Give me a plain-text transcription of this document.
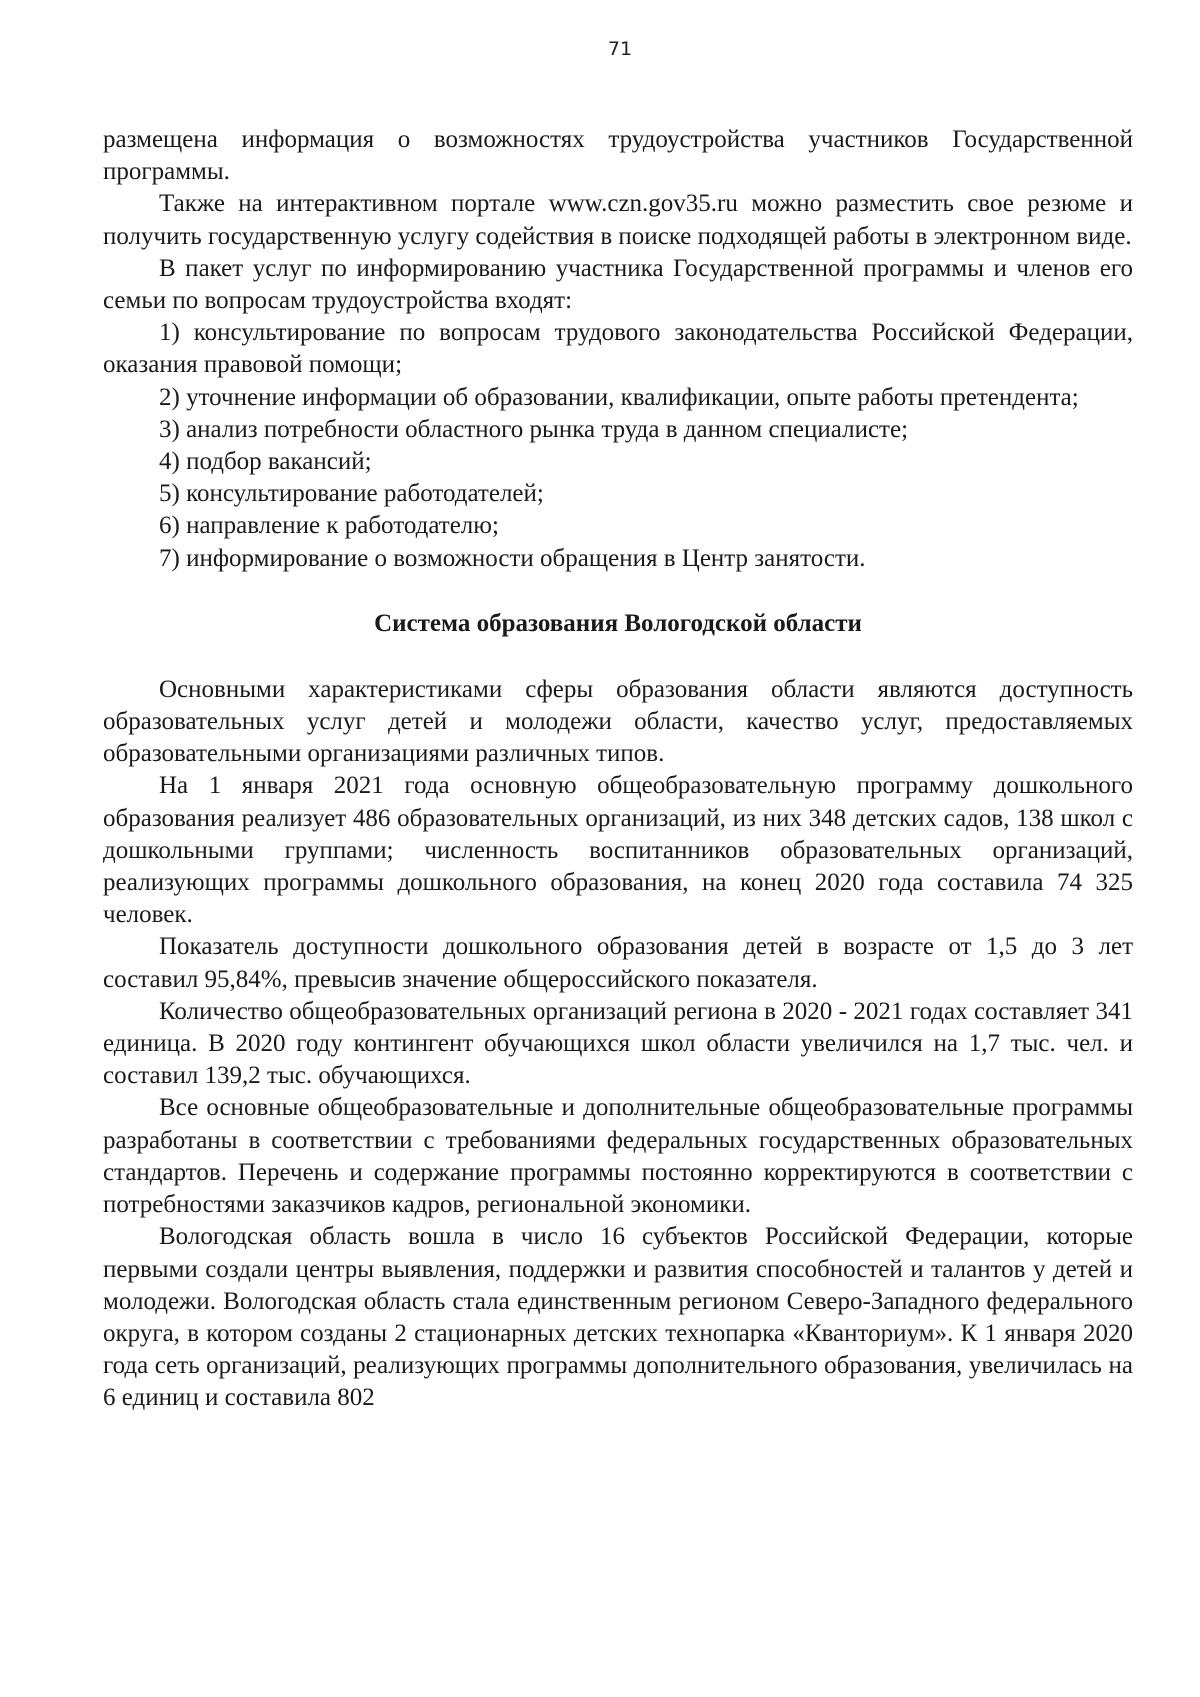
71

размещена информация о возможностях трудоустройства участников Государственной программы.

Также на интерактивном портале www.czn.gov35.ru можно разместить свое резюме и получить государственную услугу содействия в поиске подходящей работы в электронном виде.

В пакет услуг по информированию участника Государственной программы и членов его семьи по вопросам трудоустройства входят:

1) консультирование по вопросам трудового законодательства Российской Федерации, оказания правовой помощи;

2) уточнение информации об образовании, квалификации, опыте работы претендента;

3) анализ потребности областного рынка труда в данном специалисте;

4) подбор вакансий;

5) консультирование работодателей;

6) направление к работодателю;

7) информирование о возможности обращения в Центр занятости.

Система образования Вологодской области

Основными характеристиками сферы образования области являются доступность образовательных услуг детей и молодежи области, качество услуг, предоставляемых образовательными организациями различных типов.

На 1 января 2021 года основную общеобразовательную программу дошкольного образования реализует 486 образовательных организаций, из них 348 детских садов, 138 школ с дошкольными группами; численность воспитанников образовательных организаций, реализующих программы дошкольного образования, на конец 2020 года составила 74 325 человек.

Показатель доступности дошкольного образования детей в возрасте от 1,5 до 3 лет составил 95,84%, превысив значение общероссийского показателя.

Количество общеобразовательных организаций региона в 2020 - 2021 годах составляет 341 единица. В 2020 году контингент обучающихся школ области увеличился на 1,7 тыс. чел. и составил 139,2 тыс. обучающихся.

Все основные общеобразовательные и дополнительные общеобразовательные программы разработаны в соответствии с требованиями федеральных государственных образовательных стандартов. Перечень и содержание программы постоянно корректируются в соответствии с потребностями заказчиков кадров, региональной экономики.

Вологодская область вошла в число 16 субъектов Российской Федерации, которые первыми создали центры выявления, поддержки и развития способностей и талантов у детей и молодежи. Вологодская область стала единственным регионом Северо-Западного федерального округа, в котором созданы 2 стационарных детских технопарка «Кванториум». К 1 января 2020 года сеть организаций, реализующих программы дополнительного образования, увеличилась на 6 единиц и составила 802
